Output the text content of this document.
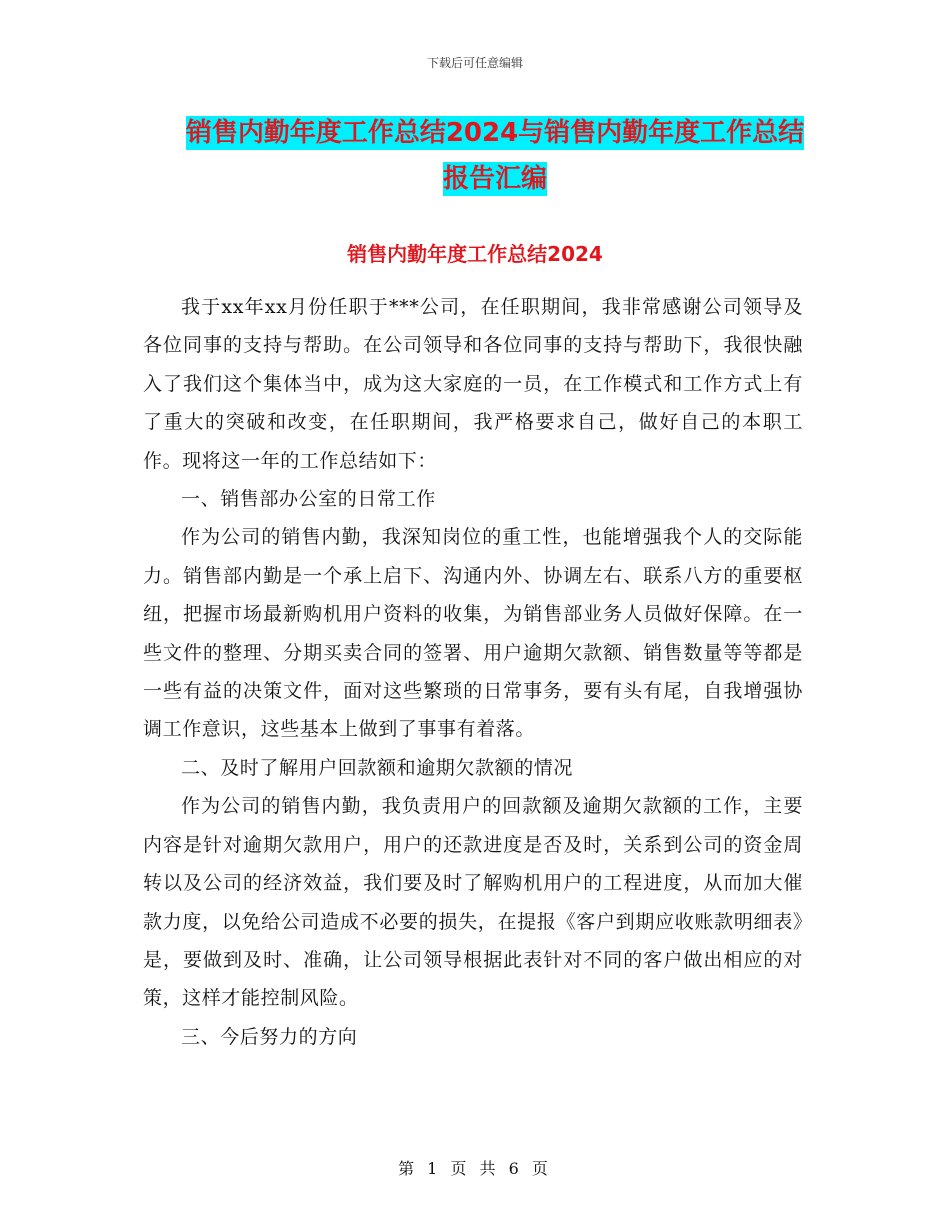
下载后可任意编辑
销售内勤年度工作总结2024与销售内勤年度工作总结
报告汇编
销售内勤年度工作总结2024

我于xx年xx月份任职于***公司，在任职期间，我非常感谢公司领导及各位同事的支持与帮助。在公司领导和各位同事的支持与帮助下，我很快融入了我们这个集体当中，成为这大家庭的一员，在工作模式和工作方式上有了重大的突破和改变，在任职期间，我严格要求自己，做好自己的本职工作。现将这一年的工作总结如下：

一、销售部办公室的日常工作

作为公司的销售内勤，我深知岗位的重工性，也能增强我个人的交际能力。销售部内勤是一个承上启下、沟通内外、协调左右、联系八方的重要枢纽，把握市场最新购机用户资料的收集，为销售部业务人员做好保障。在一些文件的整理、分期买卖合同的签署、用户逾期欠款额、销售数量等等都是一些有益的决策文件，面对这些繁琐的日常事务，要有头有尾，自我增强协调工作意识，这些基本上做到了事事有着落。

二、及时了解用户回款额和逾期欠款额的情况

作为公司的销售内勤，我负责用户的回款额及逾期欠款额的工作，主要内容是针对逾期欠款用户，用户的还款进度是否及时，关系到公司的资金周转以及公司的经济效益，我们要及时了解购机用户的工程进度，从而加大催款力度，以免给公司造成不必要的损失，在提报《客户到期应收账款明细表》是，要做到及时、准确，让公司领导根据此表针对不同的客户做出相应的对策，这样才能控制风险。

三、今后努力的方向

第 1 页 共 6 页
